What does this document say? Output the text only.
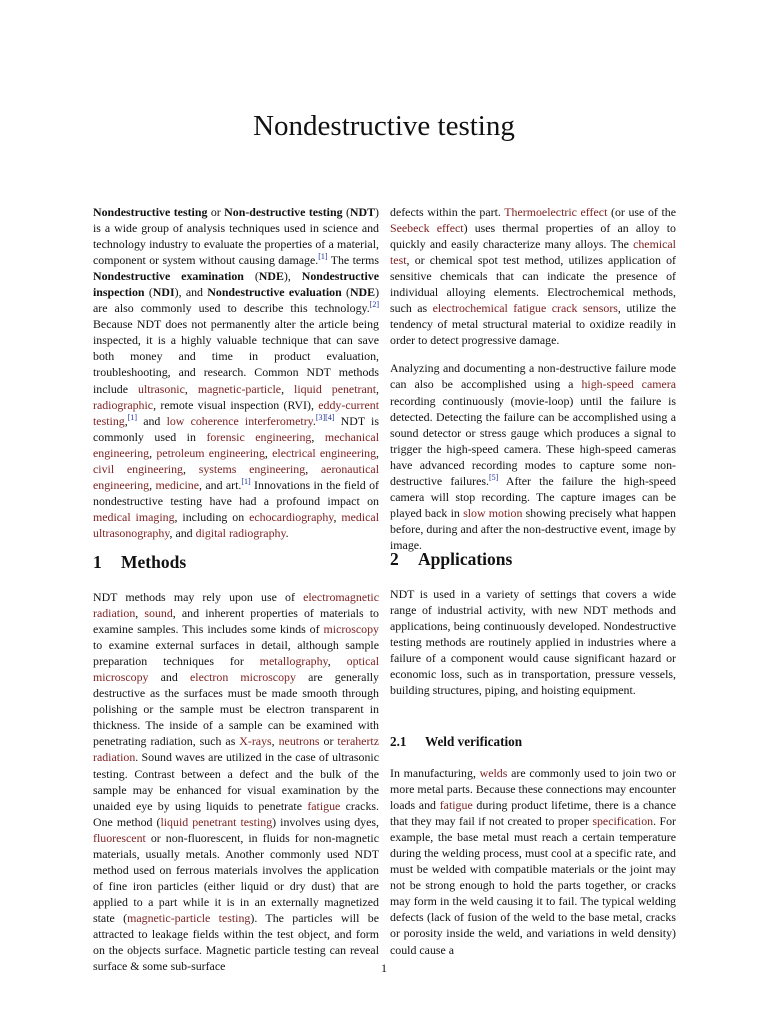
Nondestructive testing

Nondestructive testing or Non-destructive testing (NDT) is a wide group of analysis techniques used in science and technology industry to evaluate the properties of a material, component or system without causing damage.[1] The terms Nondestructive examination (NDE), Nondestructive inspection (NDI), and Nondestructive evaluation (NDE) are also commonly used to describe this technology.[2] Because NDT does not permanently alter the article being inspected, it is a highly valuable technique that can save both money and time in product evaluation, troubleshooting, and research. Common NDT methods include ultrasonic, magnetic-particle, liquid penetrant, radiographic, remote visual inspection (RVI), eddy-current testing,[1] and low coherence interferometry.[3][4] NDT is commonly used in forensic engineering, mechanical engineering, petroleum engineering, electrical engineering, civil engineering, systems engineering, aeronautical engineering, medicine, and art.[1] Innovations in the field of nondestructive testing have had a profound impact on medical imaging, including on echocardiography, medical ultrasonography, and digital radiography.

defects within the part. Thermoelectric effect (or use of the Seebeck effect) uses thermal properties of an alloy to quickly and easily characterize many alloys. The chemical test, or chemical spot test method, utilizes application of sensitive chemicals that can indicate the presence of individual alloying elements. Electrochemical methods, such as electrochemical fatigue crack sensors, utilize the tendency of metal structural material to oxidize readily in order to detect progressive damage.

Analyzing and documenting a non-destructive failure mode can also be accomplished using a high-speed camera recording continuously (movie-loop) until the failure is detected. Detecting the failure can be accomplished using a sound detector or stress gauge which produces a signal to trigger the high-speed camera. These high-speed cameras have advanced recording modes to capture some non-destructive failures.[5] After the failure the high-speed camera will stop recording. The capture images can be played back in slow motion showing precisely what happen before, during and after the non-destructive event, image by image.

1 Methods

NDT methods may rely upon use of electromagnetic radiation, sound, and inherent properties of materials to examine samples. This includes some kinds of microscopy to examine external surfaces in detail, although sample preparation techniques for metallography, optical microscopy and electron microscopy are generally destructive as the surfaces must be made smooth through polishing or the sample must be electron transparent in thickness. The inside of a sample can be examined with penetrating radiation, such as X-rays, neutrons or terahertz radiation. Sound waves are utilized in the case of ultrasonic testing. Contrast between a defect and the bulk of the sample may be enhanced for visual examination by the unaided eye by using liquids to penetrate fatigue cracks. One method (liquid penetrant testing) involves using dyes, fluorescent or non-fluorescent, in fluids for non-magnetic materials, usually metals. Another commonly used NDT method used on ferrous materials involves the application of fine iron particles (either liquid or dry dust) that are applied to a part while it is in an externally magnetized state (magnetic-particle testing). The particles will be attracted to leakage fields within the test object, and form on the objects surface. Magnetic particle testing can reveal surface & some sub-surface

2 Applications

NDT is used in a variety of settings that covers a wide range of industrial activity, with new NDT methods and applications, being continuously developed. Nondestructive testing methods are routinely applied in industries where a failure of a component would cause significant hazard or economic loss, such as in transportation, pressure vessels, building structures, piping, and hoisting equipment.

2.1 Weld verification

In manufacturing, welds are commonly used to join two or more metal parts. Because these connections may encounter loads and fatigue during product lifetime, there is a chance that they may fail if not created to proper specification. For example, the base metal must reach a certain temperature during the welding process, must cool at a specific rate, and must be welded with compatible materials or the joint may not be strong enough to hold the parts together, or cracks may form in the weld causing it to fail. The typical welding defects (lack of fusion of the weld to the base metal, cracks or porosity inside the weld, and variations in weld density) could cause a

1
